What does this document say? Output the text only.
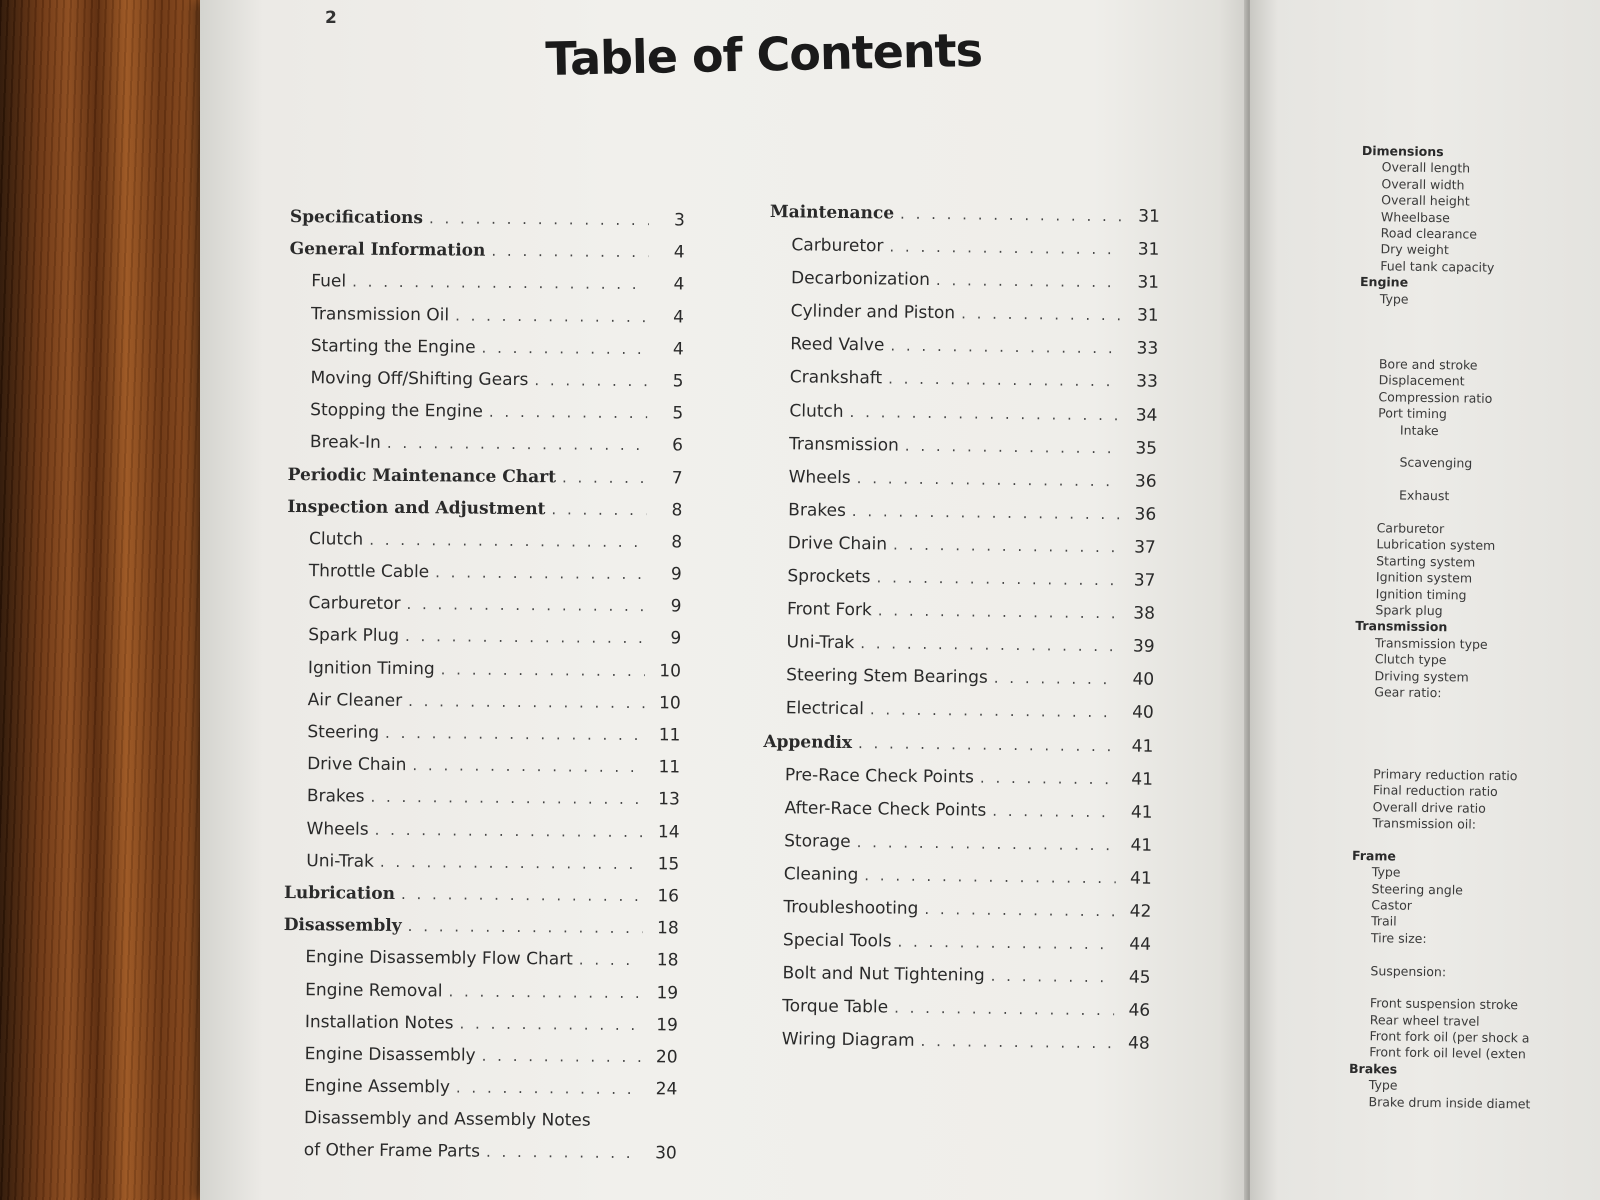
2
Table of Contents
Specifications . . .	3
General Information . . .	4
Fuel . . .	4
Transmission Oil . . .	4
Starting the Engine . . .	4
Moving Off/Shifting Gears . . .	5
Stopping the Engine . . .	5
Break-In . . .	6
Periodic Maintenance Chart . . .	7
Inspection and Adjustment . . .	8
Clutch . . .	8
Throttle Cable . . .	9
Carburetor . . .	9
Spark Plug . . .	9
Ignition Timing . . .	10
Air Cleaner . . .	10
Steering . . .	11
Drive Chain . . .	11
Brakes . . .	13
Wheels . . .	14
Uni-Trak . . .	15
Lubrication . . .	16
Disassembly . . .	18
Engine Disassembly Flow Chart . . .	18
Engine Removal . . .	19
Installation Notes . . .	19
Engine Disassembly . . .	20
Engine Assembly . . .	24
Disassembly and Assembly Notes
of Other Frame Parts . . .	30
Maintenance . . .	31
Carburetor . . .	31
Decarbonization . . .	31
Cylinder and Piston . . .	31
Reed Valve . . .	33
Crankshaft . . .	33
Clutch . . .	34
Transmission . . .	35
Wheels . . .	36
Brakes . . .	36
Drive Chain . . .	37
Sprockets . . .	37
Front Fork . . .	38
Uni-Trak . . .	39
Steering Stem Bearings . . .	40
Electrical . . .	40
Appendix . . .	41
Pre-Race Check Points . . .	41
After-Race Check Points . . .	41
Storage . . .	41
Cleaning . . .	41
Troubleshooting . . .	42
Special Tools . . .	44
Bolt and Nut Tightening . . .	45
Torque Table . . .	46
Wiring Diagram . . .	48
Dimensions
Overall length
Overall width
Overall height
Wheelbase
Road clearance
Dry weight
Fuel tank capacity
Engine
Type
Bore and stroke
Displacement
Compression ratio
Port timing
Intake
Scavenging
Exhaust
Carburetor
Lubrication system
Starting system
Ignition system
Ignition timing
Spark plug
Transmission
Transmission type
Clutch type
Driving system
Gear ratio:
Primary reduction ratio
Final reduction ratio
Overall drive ratio
Transmission oil:
Frame
Type
Steering angle
Castor
Trail
Tire size:
Suspension:
Front suspension stroke
Rear wheel travel
Front fork oil (per shock a
Front fork oil level (exten
Brakes
Type
Brake drum inside diamet
